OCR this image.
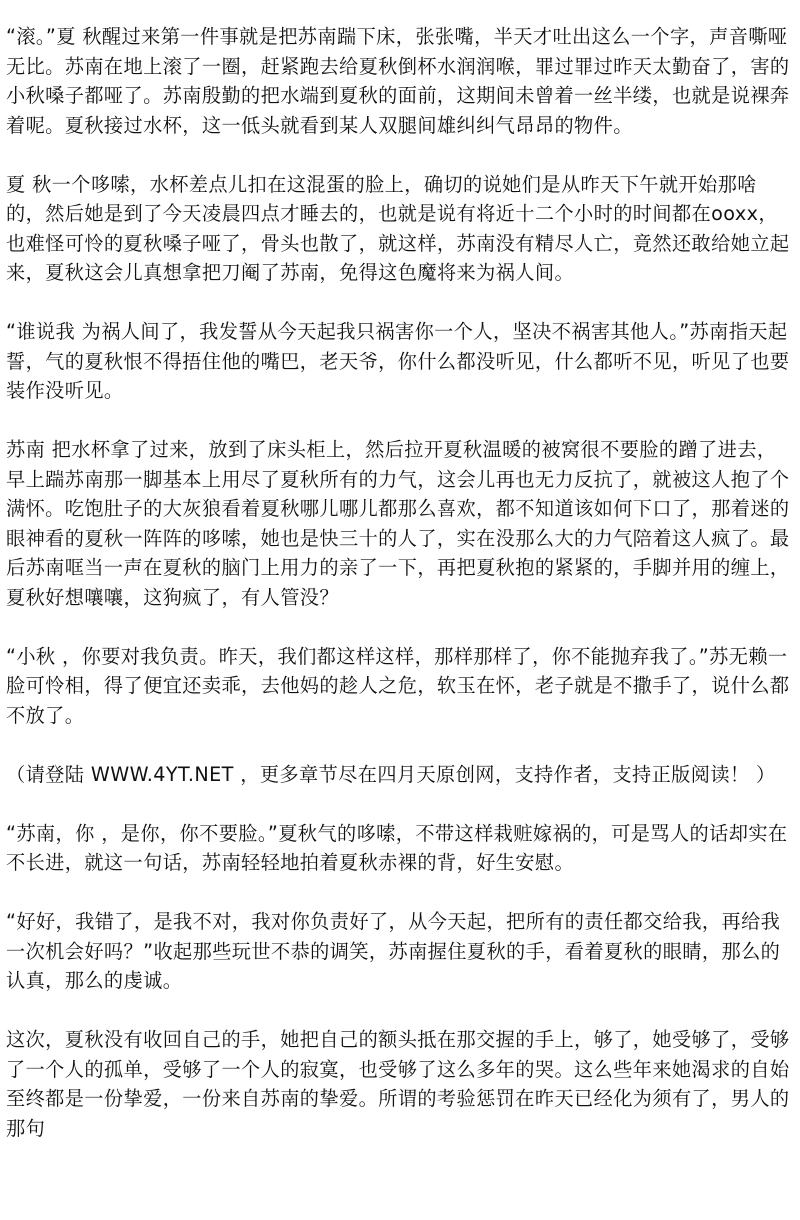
“滚。”夏 秋醒过来第一件事就是把苏南踹下床，张张嘴，半天才吐出这么一个字，声音嘶哑无比。苏南在地上滚了一圈，赶紧跑去给夏秋倒杯水润润喉，罪过罪过昨天太勤奋了，害的小秋嗓子都哑了。苏南殷勤的把水端到夏秋的面前，这期间未曾着一丝半缕，也就是说裸奔着呢。夏秋接过水杯，这一低头就看到某人双腿间雄纠纠气昂昂的物件。

夏 秋一个哆嗦，水杯差点儿扣在这混蛋的脸上，确切的说她们是从昨天下午就开始那啥的，然后她是到了今天凌晨四点才睡去的，也就是说有将近十二个小时的时间都在ooxx，也难怪可怜的夏秋嗓子哑了，骨头也散了，就这样，苏南没有精尽人亡，竟然还敢给她立起来，夏秋这会儿真想拿把刀阉了苏南，免得这色魔将来为祸人间。

“谁说我 为祸人间了，我发誓从今天起我只祸害你一个人，坚决不祸害其他人。”苏南指天起誓，气的夏秋恨不得捂住他的嘴巴，老天爷，你什么都没听见，什么都听不见，听见了也要装作没听见。

苏南 把水杯拿了过来，放到了床头柜上，然后拉开夏秋温暖的被窝很不要脸的蹭了进去，早上踹苏南那一脚基本上用尽了夏秋所有的力气，这会儿再也无力反抗了，就被这人抱了个满怀。吃饱肚子的大灰狼看着夏秋哪儿哪儿都那么喜欢，都不知道该如何下口了，那着迷的眼神看的夏秋一阵阵的哆嗦，她也是快三十的人了，实在没那么大的力气陪着这人疯了。最后苏南哐当一声在夏秋的脑门上用力的亲了一下，再把夏秋抱的紧紧的，手脚并用的缠上，夏秋好想嚷嚷，这狗疯了，有人管没？

“小秋 ，你要对我负责。昨天，我们都这样这样，那样那样了，你不能抛弃我了。”苏无赖一脸可怜相，得了便宜还卖乖，去他妈的趁人之危，软玉在怀，老子就是不撒手了，说什么都不放了。

（请登陆 WWW.4YT.NET ，更多章节尽在四月天原创网，支持作者，支持正版阅读！ ）

“苏南，你 ，是你，你不要脸。”夏秋气的哆嗦，不带这样栽赃嫁祸的，可是骂人的话却实在不长进，就这一句话，苏南轻轻地拍着夏秋赤裸的背，好生安慰。

“好好，我错了，是我不对，我对你负责好了，从今天起，把所有的责任都交给我，再给我一次机会好吗？”收起那些玩世不恭的调笑，苏南握住夏秋的手，看着夏秋的眼睛，那么的认真，那么的虔诚。

这次，夏秋没有收回自己的手，她把自己的额头抵在那交握的手上，够了，她受够了，受够了一个人的孤单，受够了一个人的寂寞，也受够了这么多年的哭。这么些年来她渴求的自始至终都是一份挚爱，一份来自苏南的挚爱。所谓的考验惩罚在昨天已经化为须有了，男人的那句
